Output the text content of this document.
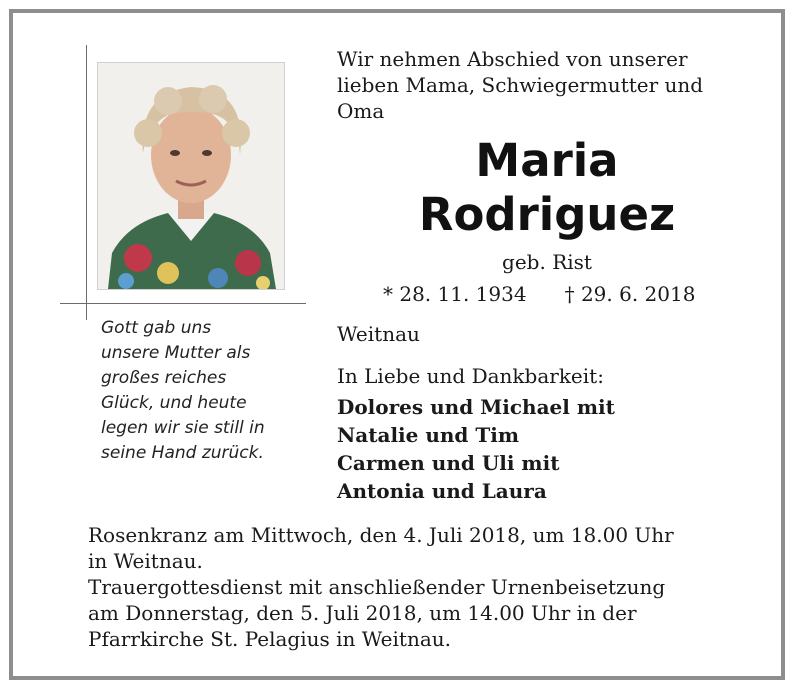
Gott gab uns
unsere Mutter als
großes reiches
Glück, und heute
legen wir sie still in
seine Hand zurück.
Wir nehmen Abschied von unserer
lieben Mama, Schwiegermutter und
Oma
Maria
Rodriguez
geb. Rist
* 28. 11. 1934 † 29. 6. 2018
Weitnau
In Liebe und Dankbarkeit:
Dolores und Michael mit
Natalie und Tim
Carmen und Uli mit
Antonia und Laura
Rosenkranz am Mittwoch, den 4. Juli 2018, um 18.00 Uhr
in Weitnau.
Trauergottesdienst mit anschließender Urnenbeisetzung
am Donnerstag, den 5. Juli 2018, um 14.00 Uhr in der
Pfarrkirche St. Pelagius in Weitnau.
